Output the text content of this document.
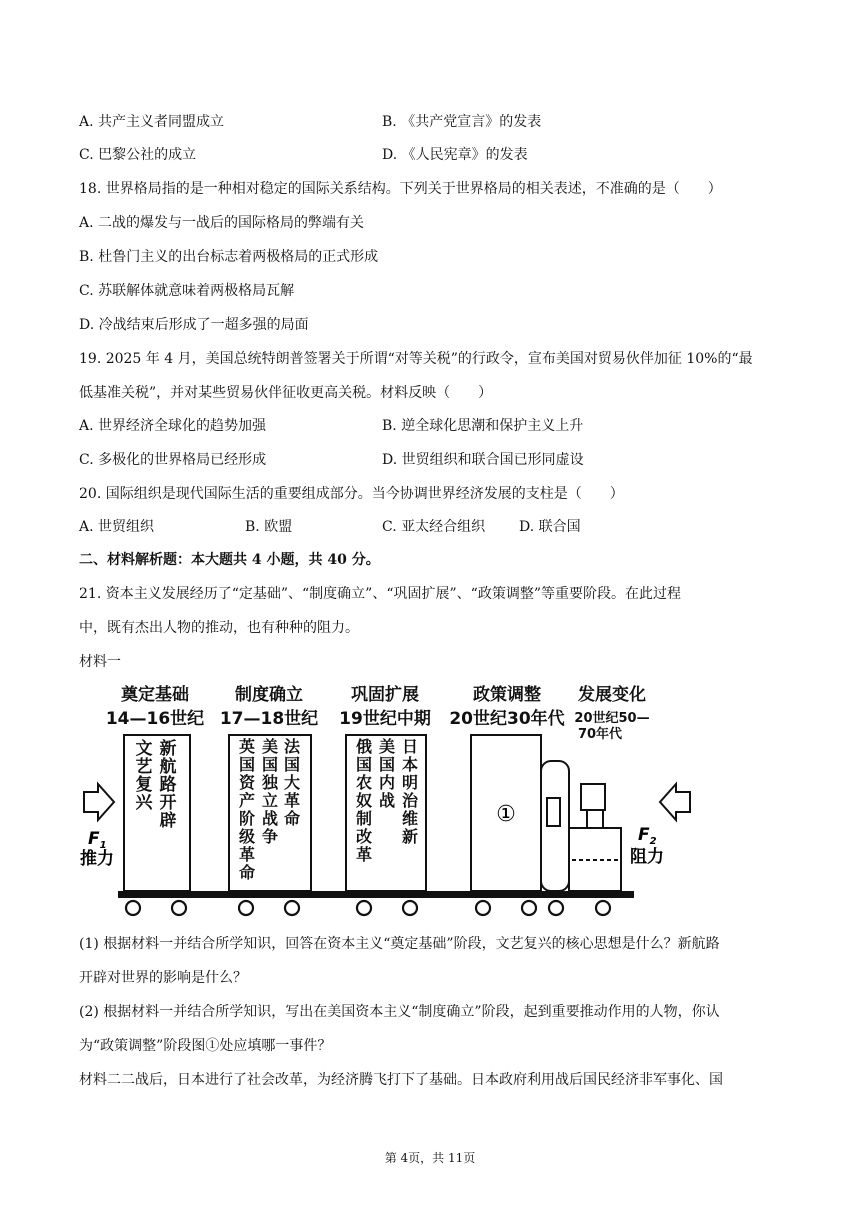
A. 共产主义者同盟成立	B. 《共产党宣言》的发表
C. 巴黎公社的成立	D. 《人民宪章》的发表
18. 世界格局指的是一种相对稳定的国际关系结构。下列关于世界格局的相关表述，不准确的是（　　）
A. 二战的爆发与一战后的国际格局的弊端有关
B. 杜鲁门主义的出台标志着两极格局的正式形成
C. 苏联解体就意味着两极格局瓦解
D. 冷战结束后形成了一超多强的局面
19. 2025 年 4 月，美国总统特朗普签署关于所谓“对等关税”的行政令，宣布美国对贸易伙伴加征 10%的“最
低基准关税”，并对某些贸易伙伴征收更高关税。材料反映（　　）
A. 世界经济全球化的趋势加强	B. 逆全球化思潮和保护主义上升
C. 多极化的世界格局已经形成	D. 世贸组织和联合国已形同虚设
20. 国际组织是现代国际生活的重要组成部分。当今协调世界经济发展的支柱是（　　）
A. 世贸组织	B. 欧盟	C. 亚太经合组织 D. 联合国
二、材料解析题：本大题共 4 小题，共 40 分。
21. 资本主义发展经历了“定基础”、“制度确立”、“巩固扩展”、“政策调整”等重要阶段。在此过程
中，既有杰出人物的推动，也有种种的阻力。
材料一
奠定基础
14—16世纪
制度确立
17—18世纪
巩固扩展
19世纪中期
政策调整
20世纪30年代
发展变化
20世纪50—
70年代
$F_1$
推力
$F_2$
阻力
新航路开辟
文艺复兴
法国大革命
美国独立战争
英国资产阶级革命
日本明治维新
美国内战
俄国农奴制改革
①
(1) 根据材料一并结合所学知识，回答在资本主义“奠定基础”阶段，文艺复兴的核心思想是什么？新航路
开辟对世界的影响是什么？
(2) 根据材料一并结合所学知识，写出在美国资本主义“制度确立”阶段，起到重要推动作用的人物，你认
为“政策调整”阶段图①处应填哪一事件？
材料二二战后，日本进行了社会改革，为经济腾飞打下了基础。日本政府利用战后国民经济非军事化、国
第 4页，共 11页
